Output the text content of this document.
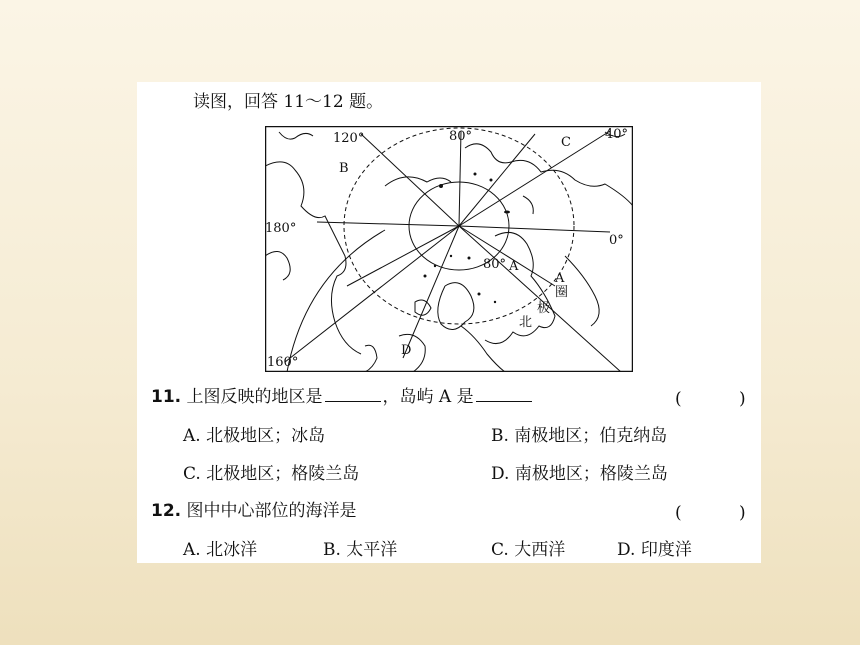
读图，回答 11～12 题。
120°	80°	40°
B
C
180°
0°
80° A
A
圈
极
北
D
160°
11. 上图反映的地区是	，岛屿 A 是	(	)
A. 北极地区；冰岛	B. 南极地区；伯克纳岛
C. 北极地区；格陵兰岛	D. 南极地区；格陵兰岛
12. 图中中心部位的海洋是	(	)
A. 北冰洋	B. 太平洋	C. 大西洋	D. 印度洋
